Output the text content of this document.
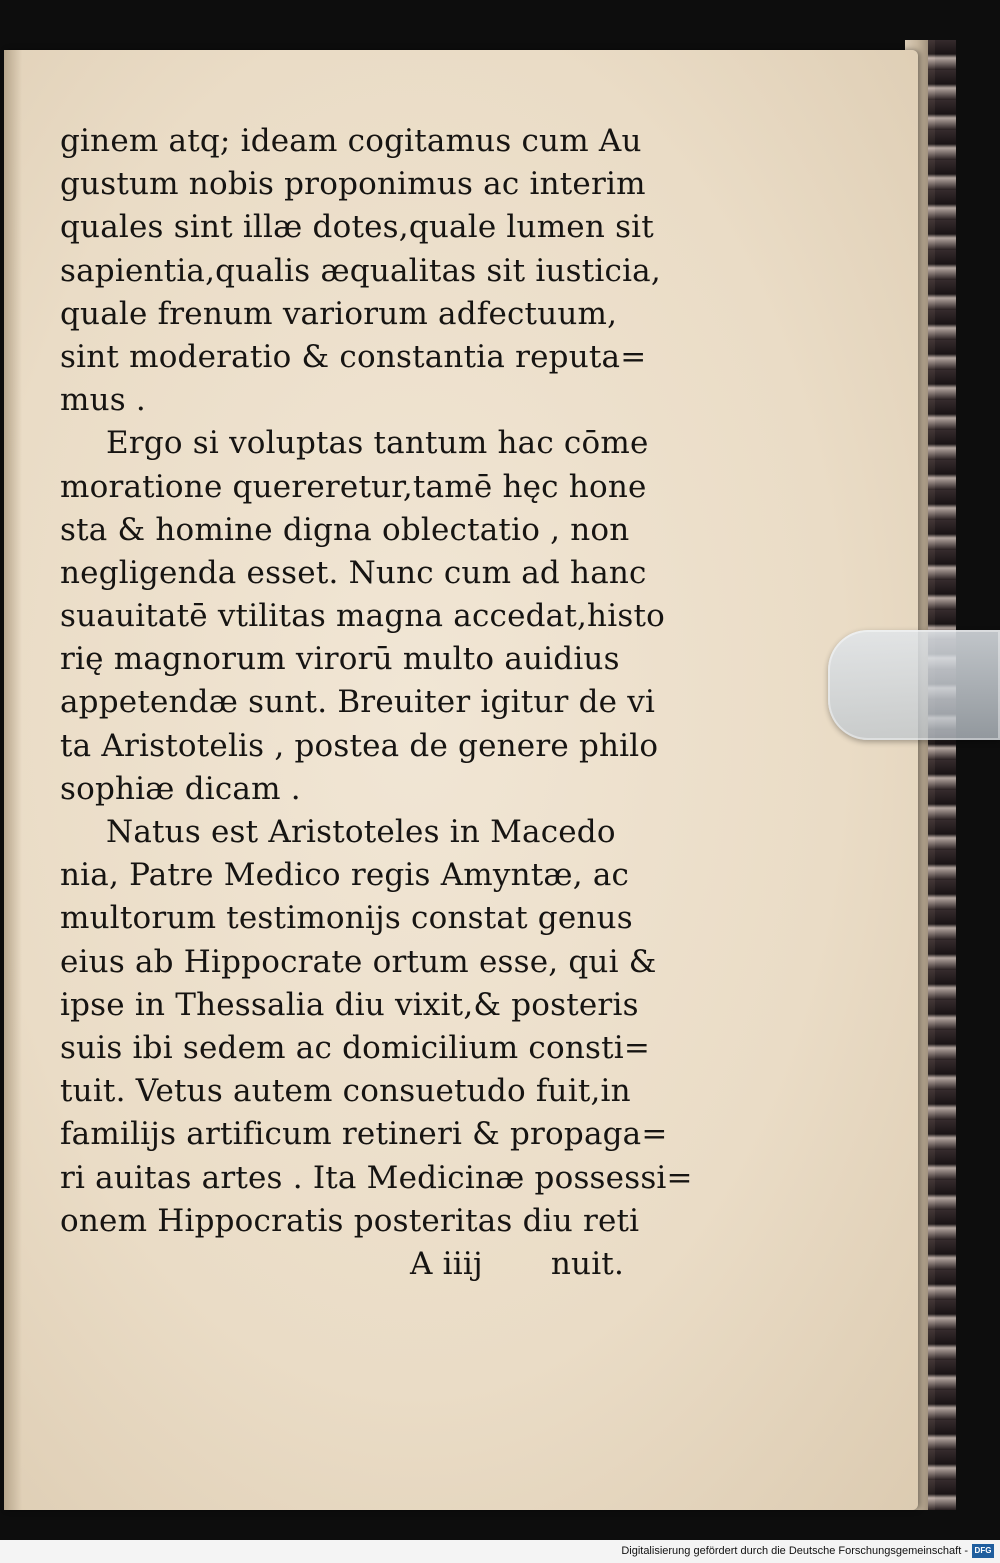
ginem atq; ideam cogitamus cum Au
gustum nobis proponimus ac interim
quales sint illæ dotes,quale lumen sit
sapientia,qualis æqualitas sit iusticia,
quale frenum variorum adfectuum,
sint moderatio & constantia reputa=
mus .
Ergo si voluptas tantum hac cōme
moratione quereretur,tamē hęc hone
sta & homine digna oblectatio , non
negligenda esset. Nunc cum ad hanc
suauitatē vtilitas magna accedat,histo
rię magnorum virorū multo auidius
appetendæ sunt. Breuiter igitur de vi
ta Aristotelis , postea de genere philo
sophiæ dicam .
Natus est Aristoteles in Macedo
nia, Patre Medico regis Amyntæ, ac
multorum testimonijs constat genus
eius ab Hippocrate ortum esse, qui &
ipse in Thessalia diu vixit,& posteris
suis ibi sedem ac domicilium consti=
tuit. Vetus autem consuetudo fuit,in
familijs artificum retineri & propaga=
ri auitas artes . Ita Medicinæ possessi=
onem Hippocratis posteritas diu reti
A iiij nuit.
Digitalisierung gefördert durch die Deutsche Forschungsgemeinschaft - DFG
